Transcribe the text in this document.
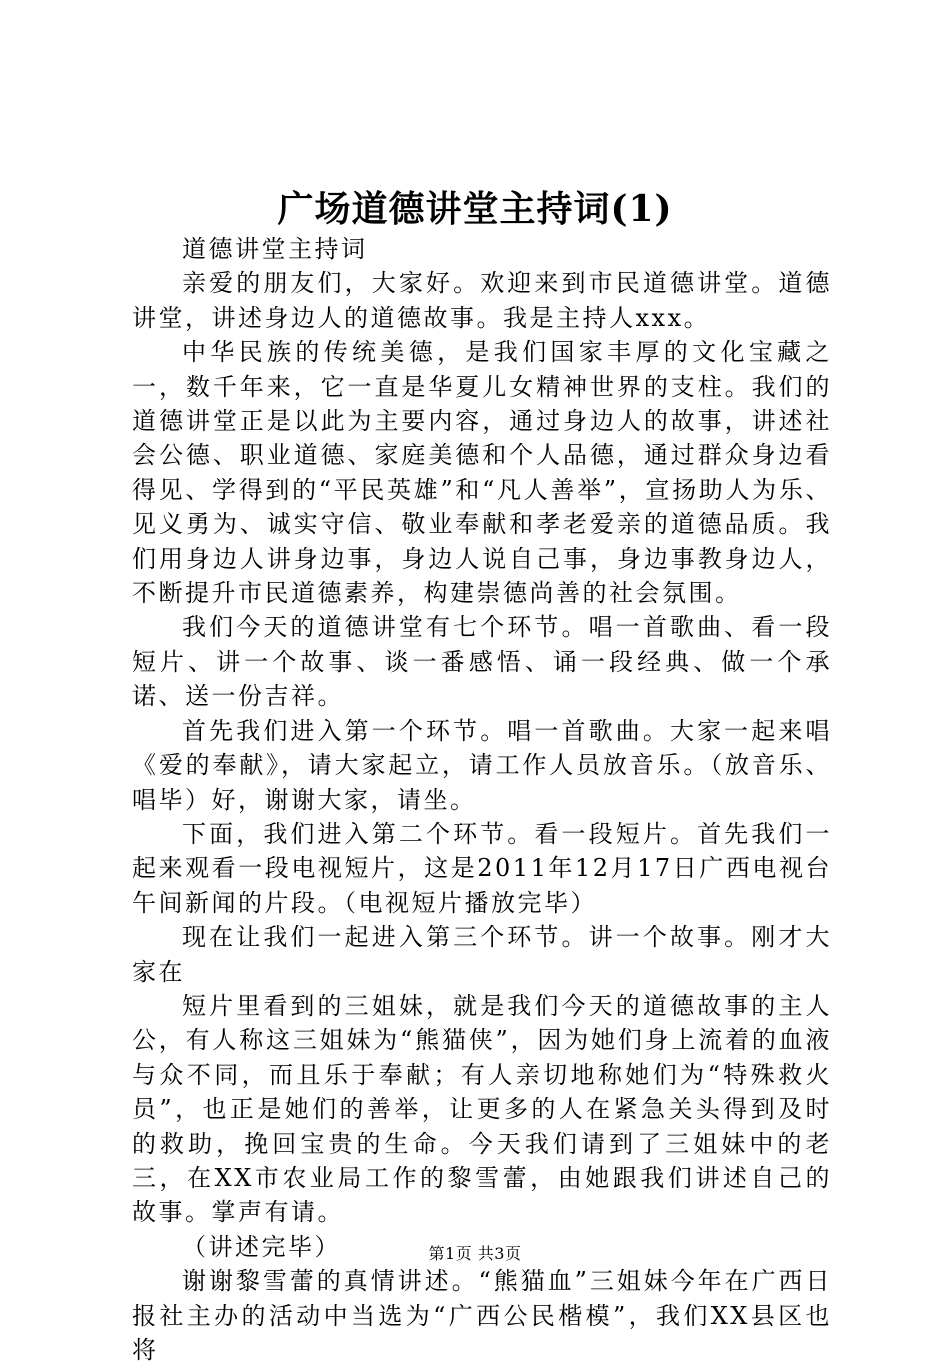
广场道德讲堂主持词(1)

道德讲堂主持词

亲爱的朋友们，大家好。欢迎来到市民道德讲堂。道德讲堂，讲述身边人的道德故事。我是主持人xxx。

中华民族的传统美德，是我们国家丰厚的文化宝藏之一，数千年来，它一直是华夏儿女精神世界的支柱。我们的道德讲堂正是以此为主要内容，通过身边人的故事，讲述社会公德、职业道德、家庭美德和个人品德，通过群众身边看得见、学得到的“平民英雄”和“凡人善举”，宣扬助人为乐、见义勇为、诚实守信、敬业奉献和孝老爱亲的道德品质。我们用身边人讲身边事，身边人说自己事，身边事教身边人，不断提升市民道德素养，构建崇德尚善的社会氛围。

我们今天的道德讲堂有七个环节。唱一首歌曲、看一段短片、讲一个故事、谈一番感悟、诵一段经典、做一个承诺、送一份吉祥。

首先我们进入第一个环节。唱一首歌曲。大家一起来唱《爱的奉献》，请大家起立，请工作人员放音乐。（放音乐、唱毕）好，谢谢大家，请坐。

下面，我们进入第二个环节。看一段短片。首先我们一起来观看一段电视短片，这是2011年12月17日广西电视台午间新闻的片段。（电视短片播放完毕）

现在让我们一起进入第三个环节。讲一个故事。刚才大家在

短片里看到的三姐妹，就是我们今天的道德故事的主人公，有人称这三姐妹为“熊猫侠”，因为她们身上流着的血液与众不同，而且乐于奉献；有人亲切地称她们为“特殊救火员”，也正是她们的善举，让更多的人在紧急关头得到及时的救助，挽回宝贵的生命。今天我们请到了三姐妹中的老三，在XX市农业局工作的黎雪蕾，由她跟我们讲述自己的故事。掌声有请。

（讲述完毕）

谢谢黎雪蕾的真情讲述。“熊猫血”三姐妹今年在广西日报社主办的活动中当选为“广西公民楷模”，我们XX县区也将

第1页 共3页
